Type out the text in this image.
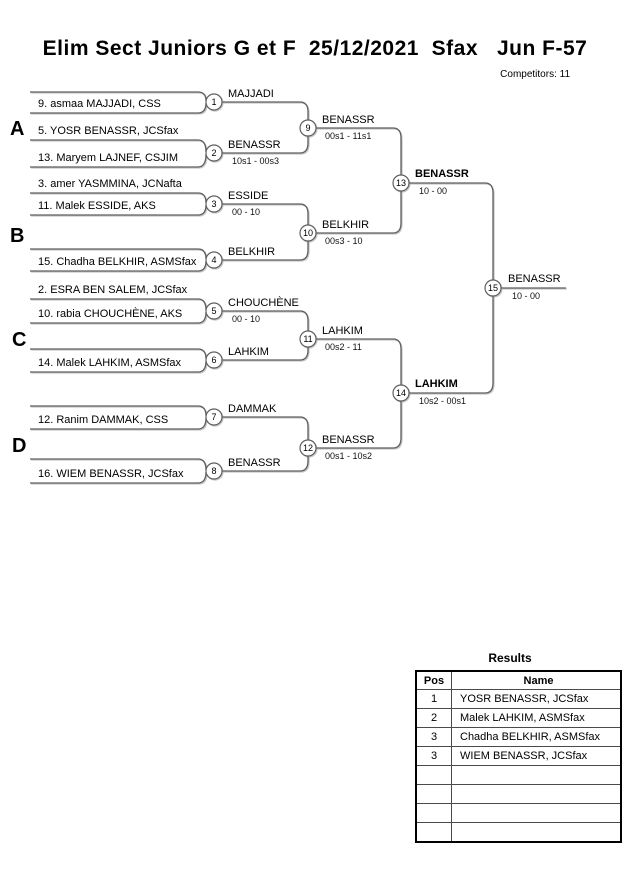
Elim Sect Juniors G et F  25/12/2021  Sfax   Jun F-57
Competitors: 11
A
B
C
D
9. asmaa MAJJADI, CSS
5. YOSR BENASSR, JCSfax
13. Maryem LAJNEF, CSJIM
3. amer YASMMINA, JCNafta
11. Malek ESSIDE, AKS
15. Chadha BELKHIR, ASMSfax
2. ESRA BEN SALEM, JCSfax
10. rabia CHOUCHÈNE, AKS
14. Malek LAHKIM, ASMSfax
12. Ranim DAMMAK, CSS
16. WIEM BENASSR, JCSfax
1
2
3
4
5
6
7
8
9
10
11
12
13
14
15
MAJJADI
BENASSR
ESSIDE
BELKHIR
CHOUCHÈNE
LAHKIM
DAMMAK
BENASSR
BENASSR
BELKHIR
LAHKIM
BENASSR
BENASSR
LAHKIM
BENASSR
10s1 - 00s3
00 - 10
00 - 10
00s1 - 11s1
00s3 - 10
00s2 - 11
00s1 - 10s2
10 - 00
10s2 - 00s1
10 - 00
Results
Pos	Name
1	YOSR BENASSR, JCSfax
2	Malek LAHKIM, ASMSfax
3	Chadha BELKHIR, ASMSfax
3	WIEM BENASSR, JCSfax
